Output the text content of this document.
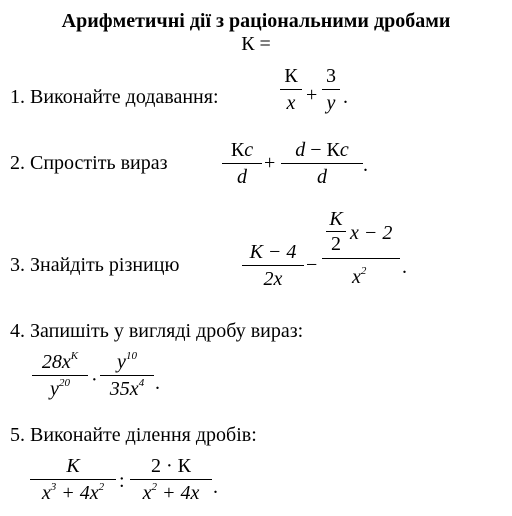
Арифметичні дії з раціональними дробами
К =
1. Виконайте додавання:
К
x +
3
y .
2. Спростіть вираз
Кc
d
+
d − Кc
d
.
3. Знайдіть різницю
К − 4
2x
−
К
2 x − 2
$x^2$ .
4. Запишіть у вигляді дробу вираз:
$28x^К$
$y^{20}$	·
$y^{10}$
$35x^4$ .
5. Виконайте ділення дробів:
К
$x^3 + 4x^2$ :
2 · К
$x^2 + 4x$ .
